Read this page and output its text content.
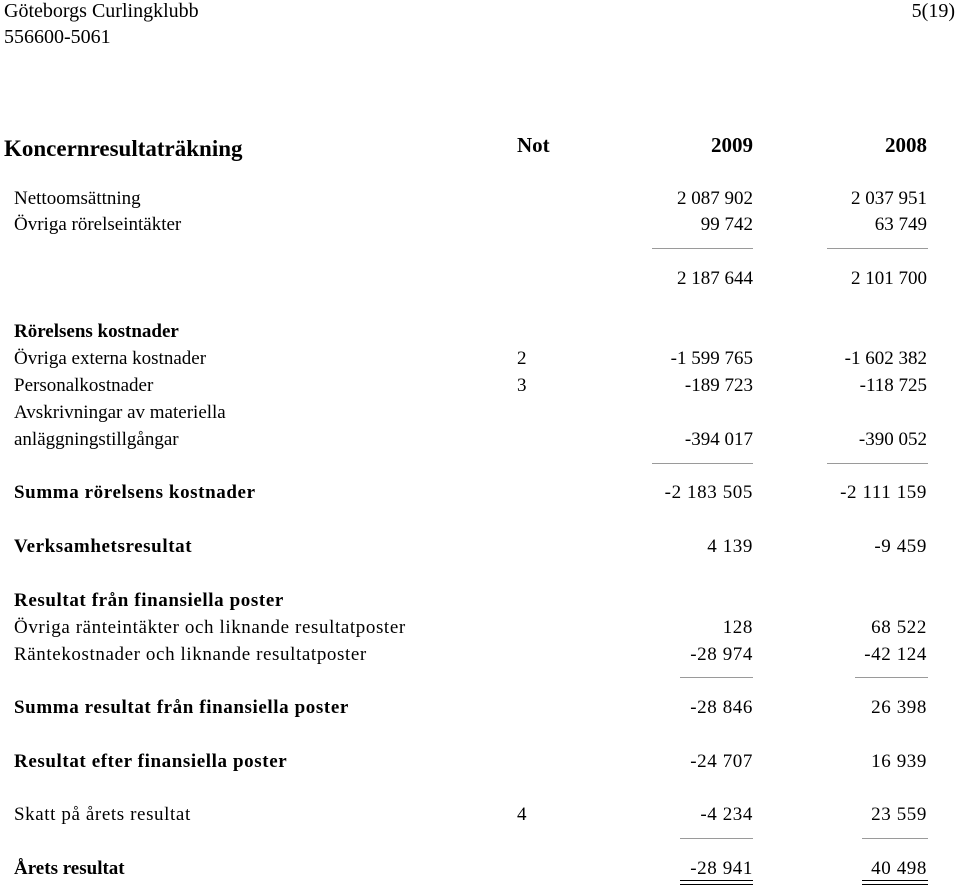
Göteborgs Curlingklubb
556600-5061
5(19)
Koncernresultaträkning	Not	2009	2008
Nettoomsättning	2 087 902	2 037 951
Övriga rörelseintäkter	99 742	63 749
2 187 644	2 101 700
Rörelsens kostnader
Övriga externa kostnader	2	-1 599 765	-1 602 382
Personalkostnader	3	-189 723	-118 725
Avskrivningar av materiella
anläggningstillgångar	-394 017	-390 052
Summa rörelsens kostnader	-2 183 505	-2 111 159
Verksamhetsresultat	4 139	-9 459
Resultat från finansiella poster
Övriga ränteintäkter och liknande resultatposter	128	68 522
Räntekostnader och liknande resultatposter	-28 974	-42 124
Summa resultat från finansiella poster	-28 846	26 398
Resultat efter finansiella poster	-24 707	16 939
Skatt på årets resultat	4	-4 234	23 559
Årets resultat	-28 941	40 498
